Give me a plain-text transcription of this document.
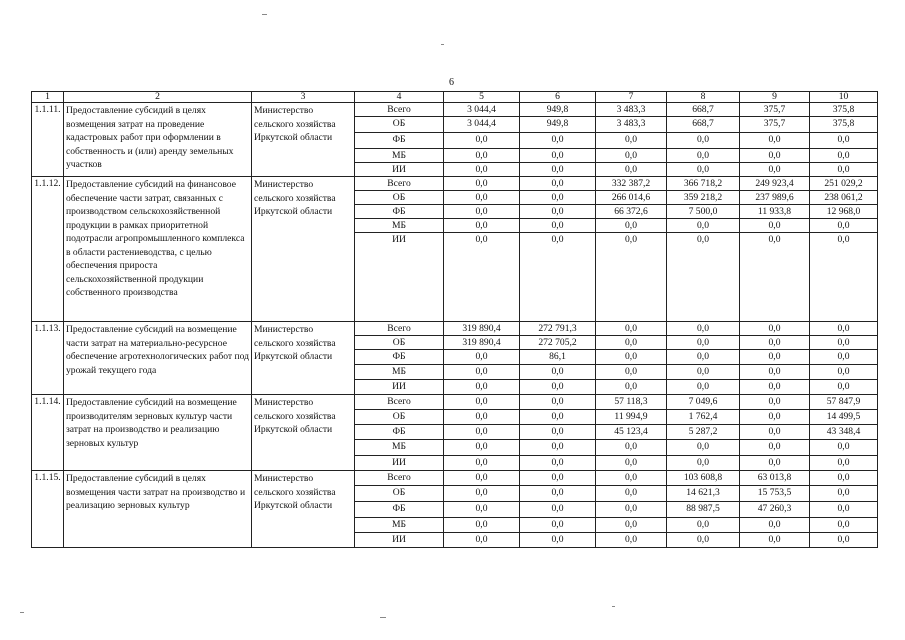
6
1	2	3	4	5	6	7	8	9	10
1.1.11.	Предоставление субсидий в целях возмещения затрат на проведение кадастровых работ при оформлении в собственность и (или) аренду земельных участков	Министерство сельского хозяйства Иркутской области	Всего	3 044,4	949,8	3 483,3	668,7	375,7	375,8
			ОБ	3 044,4	949,8	3 483,3	668,7	375,7	375,8
			ФБ	0,0	0,0	0,0	0,0	0,0	0,0
			МБ	0,0	0,0	0,0	0,0	0,0	0,0
			ИИ	0,0	0,0	0,0	0,0	0,0	0,0
1.1.12.	Предоставление субсидий на финансовое обеспечение части затрат, связанных с производством сельскохозяйственной продукции в рамках приоритетной подотрасли агропромышленного комплекса в области растениеводства, с целью обеспечения прироста сельскохозяйственной продукции собственного производства	Министерство сельского хозяйства Иркутской области	Всего	0,0	0,0	332 387,2	366 718,2	249 923,4	251 029,2
			ОБ	0,0	0,0	266 014,6	359 218,2	237 989,6	238 061,2
			ФБ	0,0	0,0	66 372,6	7 500,0	11 933,8	12 968,0
			МБ	0,0	0,0	0,0	0,0	0,0	0,0
			ИИ	0,0	0,0	0,0	0,0	0,0	0,0
1.1.13.	Предоставление субсидий на возмещение части затрат на материально-ресурсное обеспечение агротехнологических работ под урожай текущего года	Министерство сельского хозяйства Иркутской области	Всего	319 890,4	272 791,3	0,0	0,0	0,0	0,0
			ОБ	319 890,4	272 705,2	0,0	0,0	0,0	0,0
			ФБ	0,0	86,1	0,0	0,0	0,0	0,0
			МБ	0,0	0,0	0,0	0,0	0,0	0,0
			ИИ	0,0	0,0	0,0	0,0	0,0	0,0
1.1.14.	Предоставление субсидий на возмещение производителям зерновых культур части затрат на производство и реализацию зерновых культур	Министерство сельского хозяйства Иркутской области	Всего	0,0	0,0	57 118,3	7 049,6	0,0	57 847,9
			ОБ	0,0	0,0	11 994,9	1 762,4	0,0	14 499,5
			ФБ	0,0	0,0	45 123,4	5 287,2	0,0	43 348,4
			МБ	0,0	0,0	0,0	0,0	0,0	0,0
			ИИ	0,0	0,0	0,0	0,0	0,0	0,0
1.1.15.	Предоставление субсидий в целях возмещения части затрат на производство и реализацию зерновых культур	Министерство сельского хозяйства Иркутской области	Всего	0,0	0,0	0,0	103 608,8	63 013,8	0,0
			ОБ	0,0	0,0	0,0	14 621,3	15 753,5	0,0
			ФБ	0,0	0,0	0,0	88 987,5	47 260,3	0,0
			МБ	0,0	0,0	0,0	0,0	0,0	0,0
			ИИ	0,0	0,0	0,0	0,0	0,0	0,0
